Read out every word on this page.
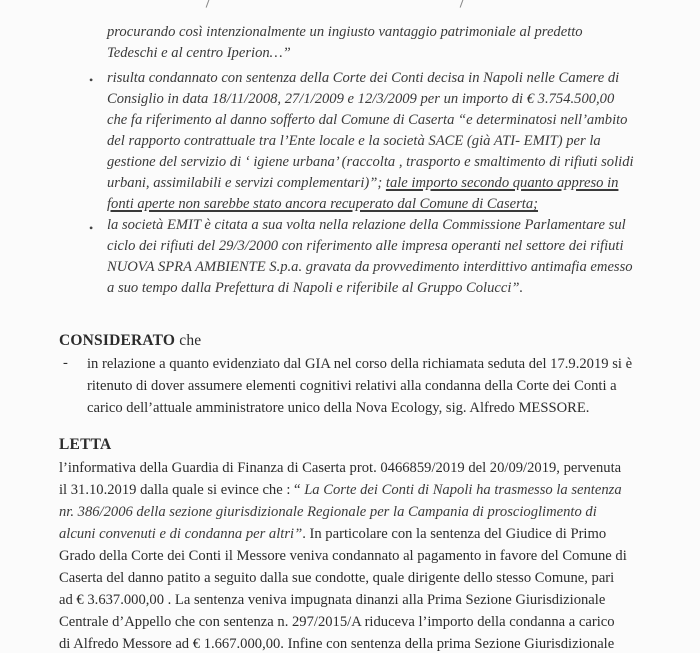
procurando così intenzionalmente un ingiusto vantaggio patrimoniale al predetto
Tedeschi e al centro Iperion…”
• risulta condannato con sentenza della Corte dei Conti decisa in Napoli nelle Camere di
Consiglio in data 18/11/2008, 27/1/2009 e 12/3/2009 per un importo di € 3.754.500,00
che fa riferimento al danno sofferto dal Comune di Caserta “e determinatosi nell’ambito
del rapporto contrattuale tra l’Ente locale e la società SACE (già ATI- EMIT) per la
gestione del servizio di ‘ igiene urbana’ (raccolta , trasporto e smaltimento di rifiuti solidi
urbani, assimilabili e servizi complementari)”; tale importo secondo quanto appreso in
fonti aperte non sarebbe stato ancora recuperato dal Comune di Caserta;
• la società EMIT è citata a sua volta nella relazione della Commissione Parlamentare sul
ciclo dei rifiuti del 29/3/2000 con riferimento alle impresa operanti nel settore dei rifiuti
NUOVA SPRA AMBIENTE S.p.a. gravata da provvedimento interdittivo antimafia emesso
a suo tempo dalla Prefettura di Napoli e riferibile al Gruppo Colucci”.
CONSIDERATO che
- in relazione a quanto evidenziato dal GIA nel corso della richiamata seduta del 17.9.2019 si è
ritenuto di dover assumere elementi cognitivi relativi alla condanna della Corte dei Conti a
carico dell’attuale amministratore unico della Nova Ecology, sig. Alfredo MESSORE.
LETTA
l’informativa della Guardia di Finanza di Caserta prot. 0466859/2019 del 20/09/2019, pervenuta
il 31.10.2019 dalla quale si evince che : “ La Corte dei Conti di Napoli ha trasmesso la sentenza
nr. 386/2006 della sezione giurisdizionale Regionale per la Campania di proscioglimento di
alcuni convenuti e di condanna per altri”. In particolare con la sentenza del Giudice di Primo
Grado della Corte dei Conti il Messore veniva condannato al pagamento in favore del Comune di
Caserta del danno patito a seguito dalla sue condotte, quale dirigente dello stesso Comune, pari
ad € 3.637.000,00 . La sentenza veniva impugnata dinanzi alla Prima Sezione Giurisdizionale
Centrale d’Appello che con sentenza n. 297/2015/A riduceva l’importo della condanna a carico
di Alfredo Messore ad € 1.667.000,00. Infine con sentenza della prima Sezione Giurisdizionale
